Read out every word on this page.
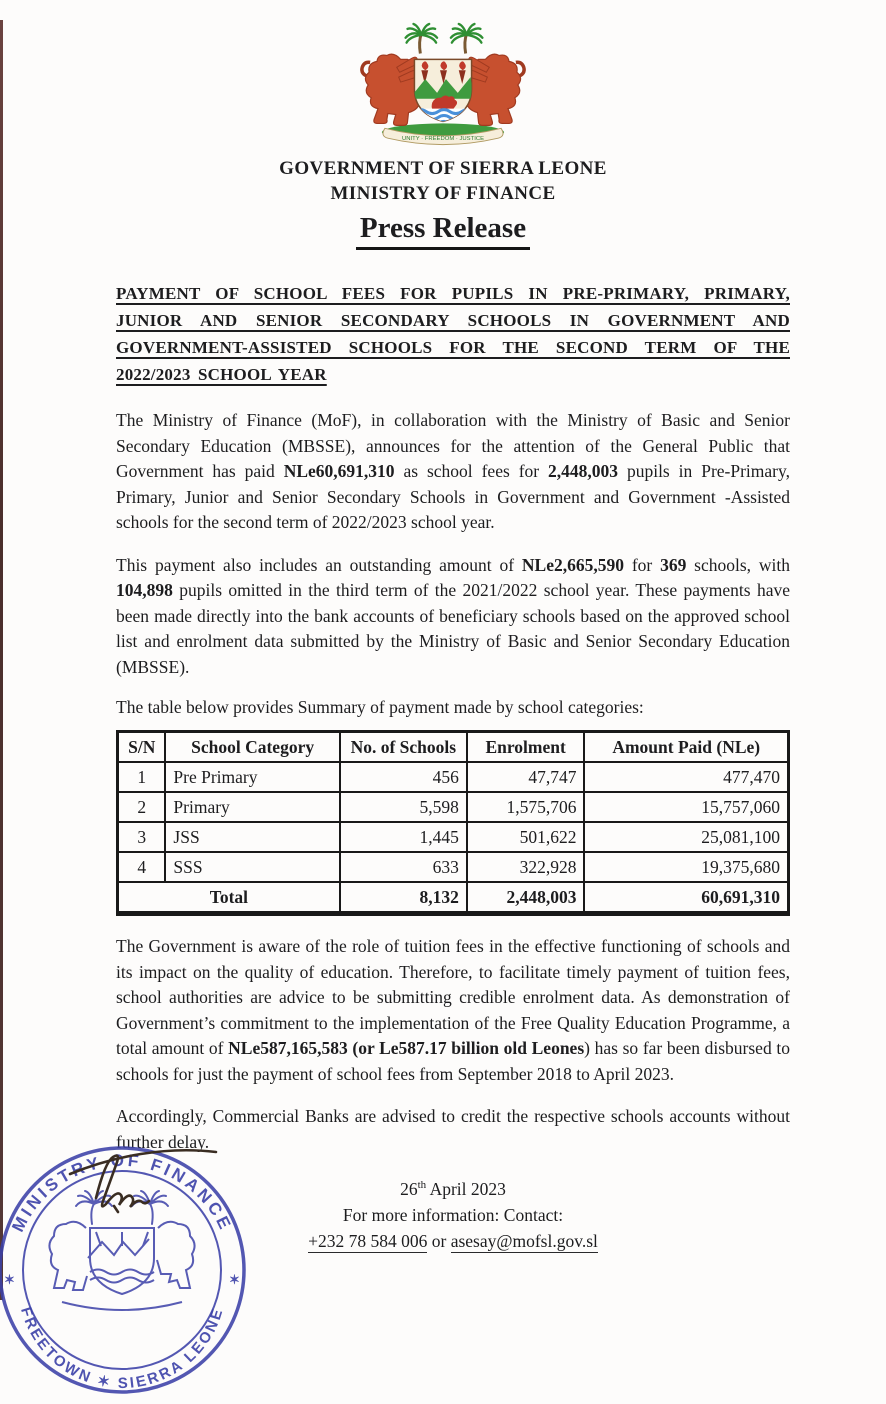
UNITY · FREEDOM · JUSTICE
GOVERNMENT OF SIERRA LEONE
MINISTRY OF FINANCE
Press Release
PAYMENT OF SCHOOL FEES FOR PUPILS IN PRE-PRIMARY, PRIMARY, JUNIOR AND SENIOR SECONDARY SCHOOLS IN GOVERNMENT AND GOVERNMENT-ASSISTED SCHOOLS FOR THE SECOND TERM OF THE 2022/2023 SCHOOL YEAR

The Ministry of Finance (MoF), in collaboration with the Ministry of Basic and Senior Secondary Education (MBSSE), announces for the attention of the General Public that Government has paid NLe60,691,310 as school fees for 2,448,003 pupils in Pre-Primary, Primary, Junior and Senior Secondary Schools in Government and Government -Assisted schools for the second term of 2022/2023 school year.

This payment also includes an outstanding amount of NLe2,665,590 for 369 schools, with 104,898 pupils omitted in the third term of the 2021/2022 school year. These payments have been made directly into the bank accounts of beneficiary schools based on the approved school list and enrolment data submitted by the Ministry of Basic and Senior Secondary Education (MBSSE).

The table below provides Summary of payment made by school categories:

S/N	School Category	No. of Schools	Enrolment	Amount Paid (NLe)
1	Pre Primary	456	47,747	477,470
2	Primary	5,598	1,575,706	15,757,060
3	JSS	1,445	501,622	25,081,100
4	SSS	633	322,928	19,375,680
Total		8,132	2,448,003	60,691,310

The Government is aware of the role of tuition fees in the effective functioning of schools and its impact on the quality of education. Therefore, to facilitate timely payment of tuition fees, school authorities are advice to be submitting credible enrolment data. As demonstration of Government’s commitment to the implementation of the Free Quality Education Programme, a total amount of NLe587,165,583 (or Le587.17 billion old Leones) has so far been disbursed to schools for just the payment of school fees from September 2018 to April 2023.

Accordingly, Commercial Banks are advised to credit the respective schools accounts without further delay.

26th April 2023
For more information: Contact:
+232 78 584 006 or asesay@mofsl.gov.sl
MINISTRY OF FINANCE
FREETOWN ✶ SIERRA LEONE
✶	✶
